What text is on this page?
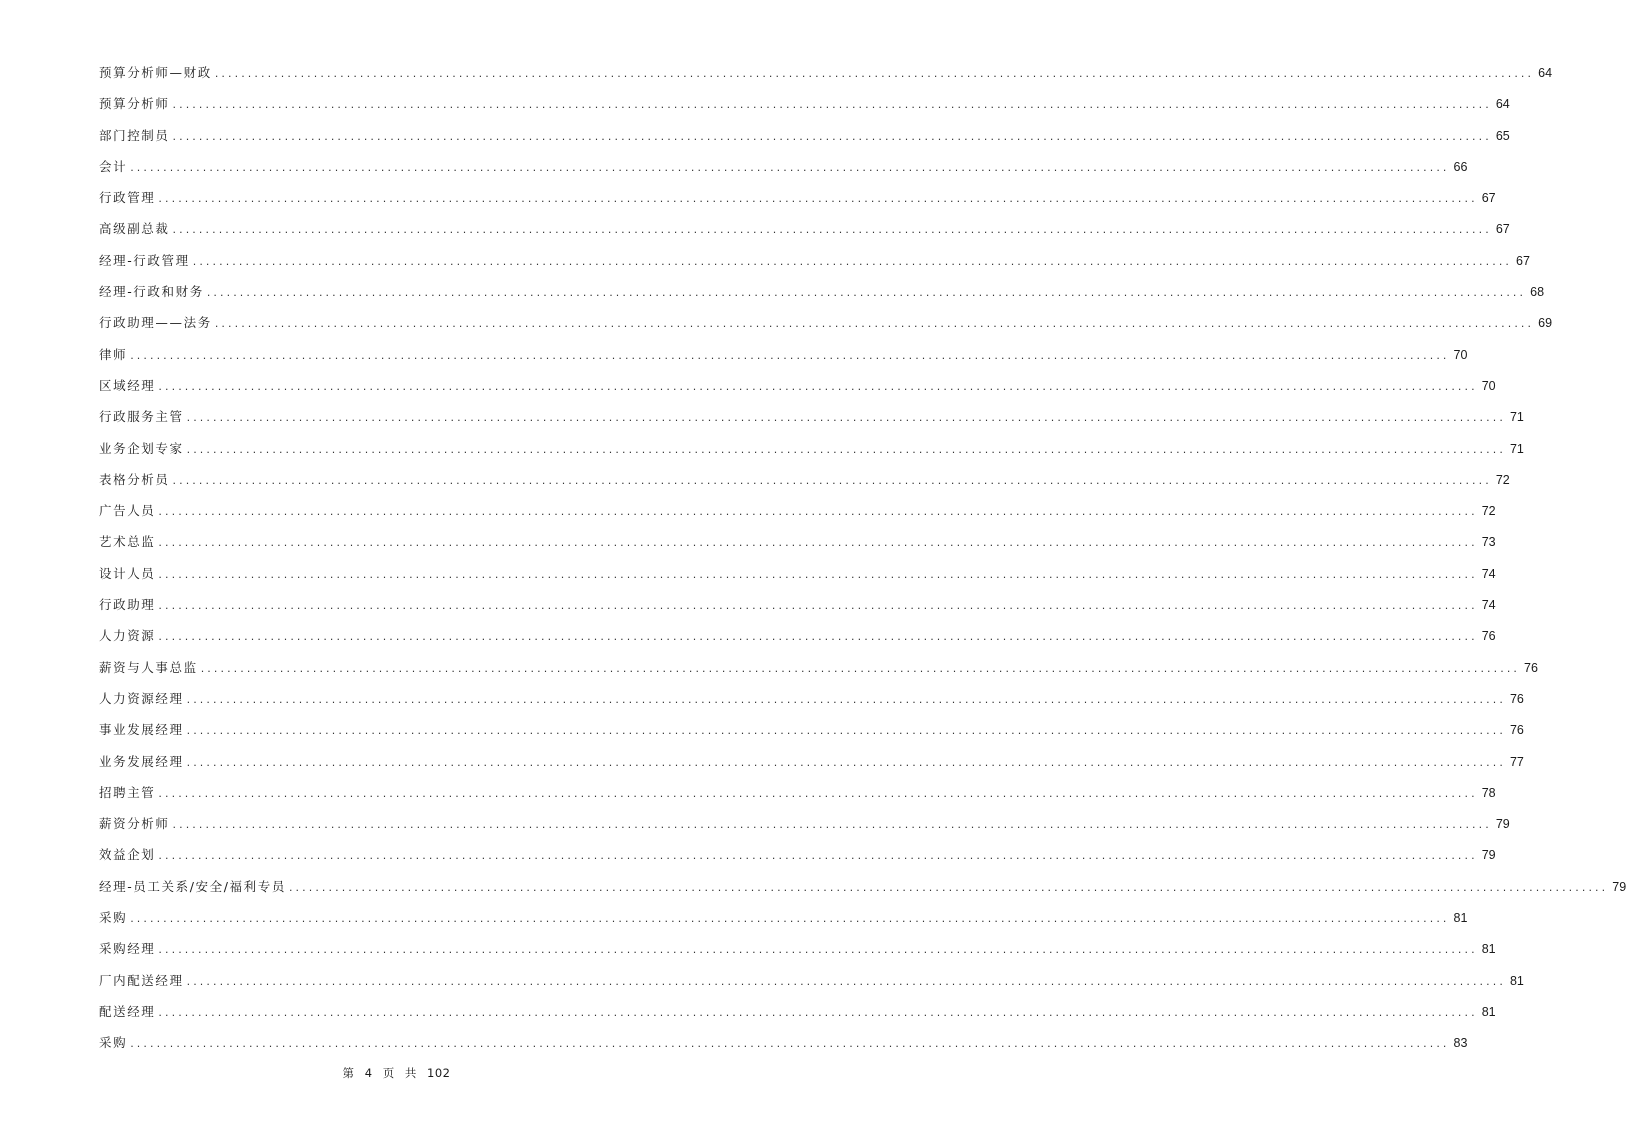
预算分析师—财政 ........................................................................................................................................................................................................ 64
预算分析师 ........................................................................................................................................................................................................ 64
部门控制员 ........................................................................................................................................................................................................ 65
会计 ........................................................................................................................................................................................................ 66
行政管理 ........................................................................................................................................................................................................ 67
高级副总裁 ........................................................................................................................................................................................................ 67
经理-行政管理 ........................................................................................................................................................................................................ 67
经理-行政和财务 ........................................................................................................................................................................................................ 68
行政助理——法务 ........................................................................................................................................................................................................ 69
律师 ........................................................................................................................................................................................................ 70
区域经理 ........................................................................................................................................................................................................ 70
行政服务主管 ........................................................................................................................................................................................................ 71
业务企划专家 ........................................................................................................................................................................................................ 71
表格分析员 ........................................................................................................................................................................................................ 72
广告人员 ........................................................................................................................................................................................................ 72
艺术总监 ........................................................................................................................................................................................................ 73
设计人员 ........................................................................................................................................................................................................ 74
行政助理 ........................................................................................................................................................................................................ 74
人力资源 ........................................................................................................................................................................................................ 76
薪资与人事总监 ........................................................................................................................................................................................................ 76
人力资源经理 ........................................................................................................................................................................................................ 76
事业发展经理 ........................................................................................................................................................................................................ 76
业务发展经理 ........................................................................................................................................................................................................ 77
招聘主管 ........................................................................................................................................................................................................ 78
薪资分析师 ........................................................................................................................................................................................................ 79
效益企划 ........................................................................................................................................................................................................ 79
经理-员工关系/安全/福利专员 ........................................................................................................................................................................................................ 79
采购 ........................................................................................................................................................................................................ 81
采购经理 ........................................................................................................................................................................................................ 81
厂内配送经理 ........................................................................................................................................................................................................ 81
配送经理 ........................................................................................................................................................................................................ 81
采购 ........................................................................................................................................................................................................ 83
第 4 页 共 102
